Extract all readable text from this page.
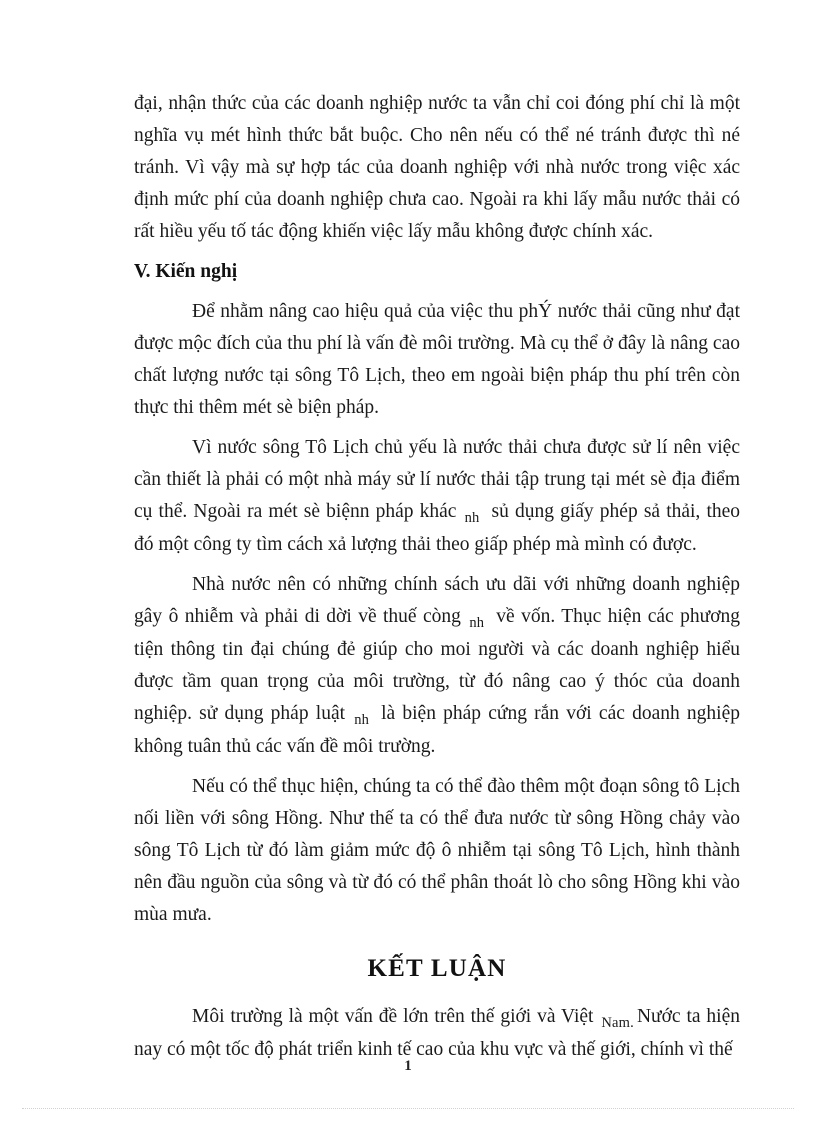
đại, nhận thức của các doanh nghiệp nước ta vẫn chỉ coi đóng phí chỉ là một nghĩa vụ mét hình thức bắt buộc. Cho nên nếu có thể né tránh được thì né tránh. Vì vậy mà sự hợp tác của doanh nghiệp với nhà nước trong việc xác định mức phí của doanh nghiệp chưa cao. Ngoài ra khi lấy mẫu nước thải có rất hiều yếu tố tác động khiến việc lấy mẫu không được chính xác.

V. Kiến nghị

Để nhằm nâng cao hiệu quả của việc thu phÝ nước thải cũng như đạt được mộc đích của thu phí là vấn đè môi trường. Mà cụ thể ở đây là nâng cao chất lượng nước tại sông Tô Lịch, theo em ngoài biện pháp thu phí trên còn thực thi thêm mét sè biện pháp.

Vì nước sông Tô Lịch chủ yếu là nước thải chưa được sử lí nên việc cần thiết là phải có một nhà máy sử lí nước thải tập trung tại mét sè địa điểm cụ thể. Ngoài ra mét sè biệnn pháp khác $_{nh}$ sủ dụng giấy phép sả thải, theo đó một công ty tìm cách xả lượng thải theo giấp phép mà mình có được.

Nhà nước nên có những chính sách ưu dãi với những doanh nghiệp gây ô nhiễm và phải di dời về thuế còng $_{nh}$ về vốn. Thục hiện các phương tiện thông tin đại chúng đẻ giúp cho moi người và các doanh nghiệp hiểu được tầm quan trọng của môi trường, từ đó nâng cao ý thóc của doanh nghiệp. sử dụng pháp luật $_{nh}$ là biện pháp cứng rắn với các doanh nghiệp không tuân thủ các vấn đề môi trường.

Nếu có thể thục hiện, chúng ta có thể đào thêm một đoạn sông tô Lịch nối liền với sông Hồng. Như thế ta có thể đưa nước từ sông Hồng chảy vào sông Tô Lịch từ đó làm giảm mức độ ô nhiễm tại sông Tô Lịch, hình thành nên đầu nguồn của sông và từ đó có thể phân thoát lò cho sông Hồng khi vào mùa mưa.

KẾT LUẬN

Môi trường là một vấn đề lớn trên thế giới và Việt $_{Nam.}$ Nước ta hiện nay có một tốc độ phát triển kinh tế cao của khu vực và thế giới, chính vì thế

1
